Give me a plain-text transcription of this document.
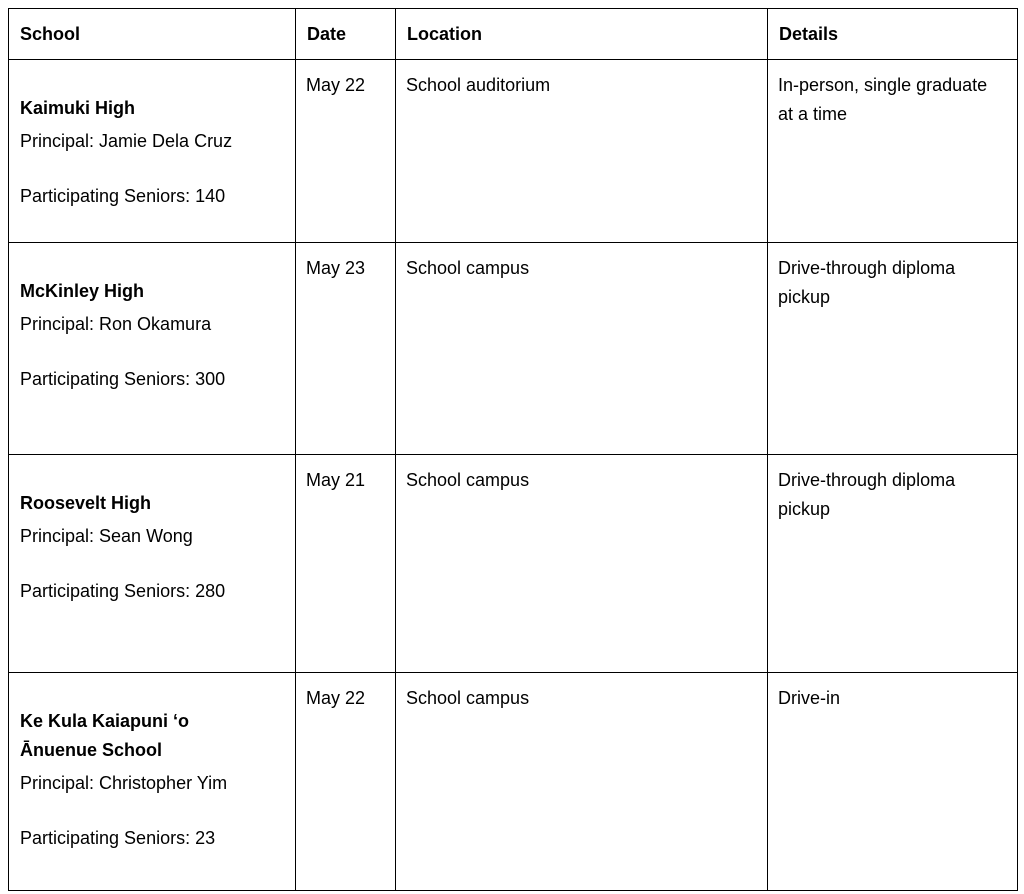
School	Date	Location	Details

Kaimuki High
Principal: Jamie Dela Cruz
Participating Seniors: 140	May 22	School auditorium	In-person, single graduate at a time

McKinley High
Principal: Ron Okamura
Participating Seniors: 300	May 23	School campus	Drive-through diploma pickup

Roosevelt High
Principal: Sean Wong
Participating Seniors: 280	May 21	School campus	Drive-through diploma pickup

Ke Kula Kaiapuni ‘o Ānuenue School
Principal: Christopher Yim
Participating Seniors: 23	May 22	School campus	Drive-in
